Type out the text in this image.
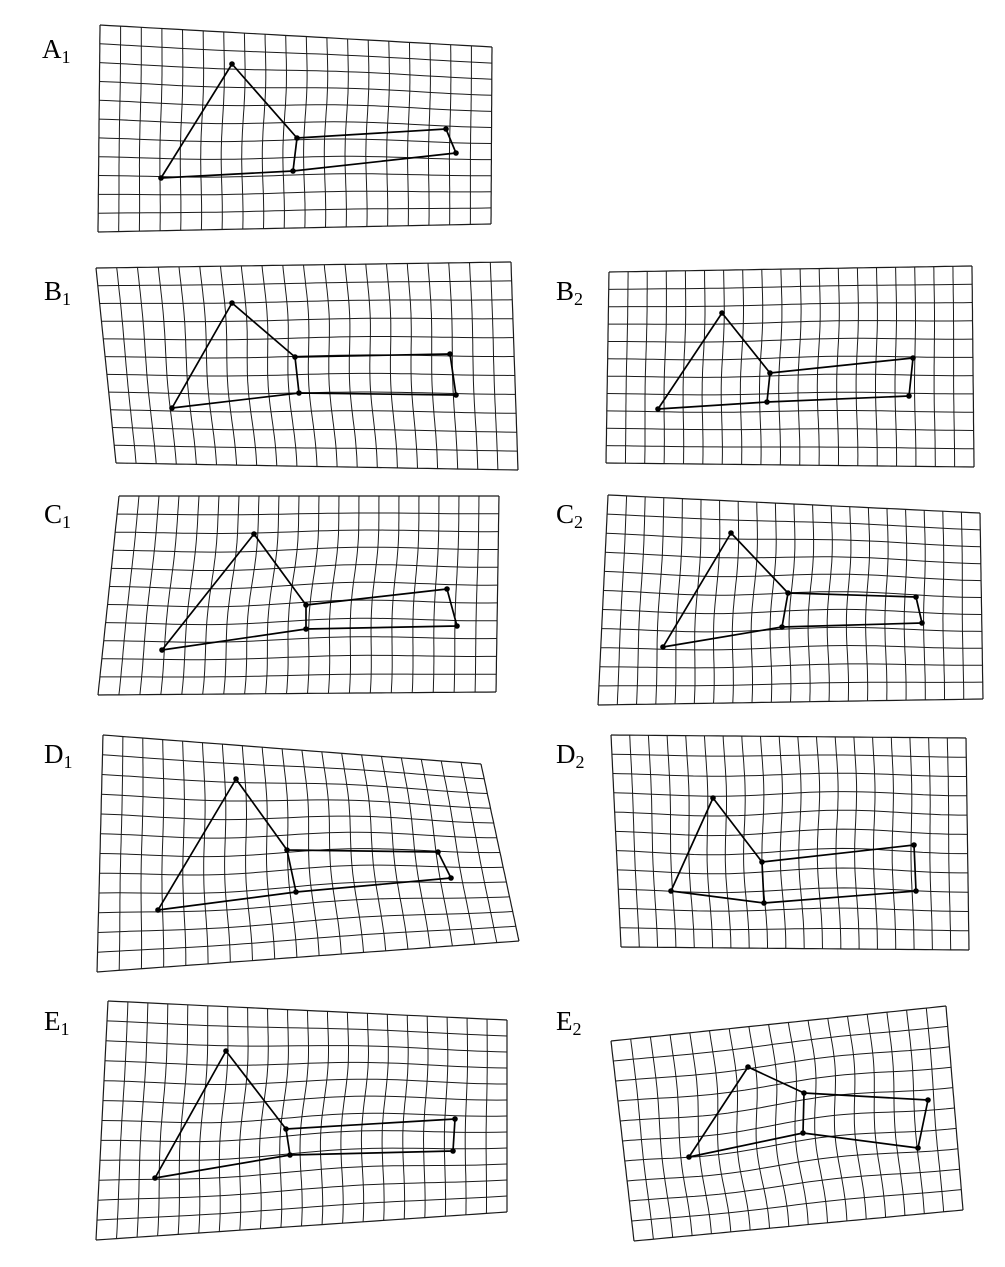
A1
B1	B2
C1	C2
D1	D2
E1	E2
